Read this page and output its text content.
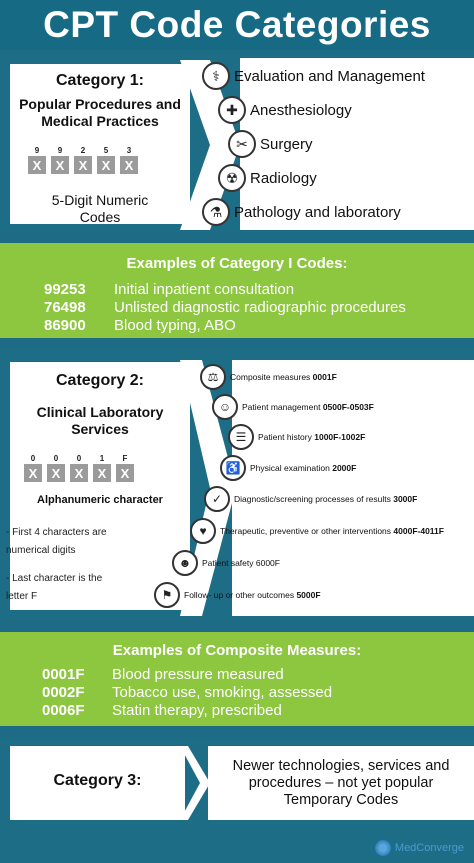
CPT Code Categories
Category 1:
Popular Procedures and Medical Practices
9
X
9
X
2
X
5
X
3
X
5-Digit Numeric Codes
⚕ Evaluation and Management
✚ Anesthesiology
✂ Surgery
☢ Radiology
⚗ Pathology and laboratory
Examples of Category I Codes:
99253	Initial inpatient consultation
76498	Unlisted diagnostic radiographic procedures
86900	Blood typing, ABO
Category 2:
Clinical Laboratory Services
0
X
0
X
0
X
1
X
F
X
Alphanumeric character
- First 4 characters are numerical digits
- Last character is the letter F
⚖	Composite measures 0001F
☺	Patient management 0500F-0503F
☰	Patient history 1000F-1002F
♿	Physical examination 2000F
✓	Diagnostic/screening processes of results 3000F
♥	Therapeutic, preventive or other interventions 4000F-4011F
☻	Patient safety 6000F
⚑	Follow- up or other outcomes 5000F
Examples of Composite Measures:
0001F	Blood pressure measured
0002F	Tobacco use, smoking, assessed
0006F	Statin therapy, prescribed
Category 3:
Newer technologies, services and
procedures – not yet popular
Temporary Codes
MedConverge
